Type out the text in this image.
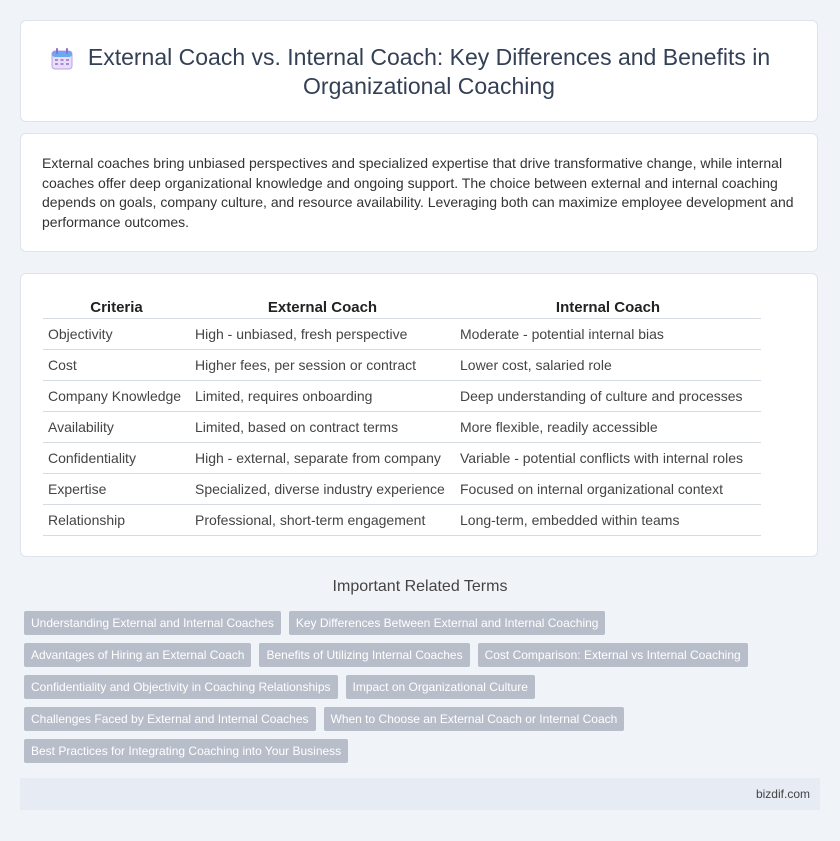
External Coach vs. Internal Coach: Key Differences and Benefits in Organizational Coaching

External coaches bring unbiased perspectives and specialized expertise that drive transformative change, while internal coaches offer deep organizational knowledge and ongoing support. The choice between external and internal coaching depends on goals, company culture, and resource availability. Leveraging both can maximize employee development and performance outcomes.

Criteria	External Coach	Internal Coach
Objectivity	High - unbiased, fresh perspective	Moderate - potential internal bias
Cost	Higher fees, per session or contract	Lower cost, salaried role
Company Knowledge	Limited, requires onboarding	Deep understanding of culture and processes
Availability	Limited, based on contract terms	More flexible, readily accessible
Confidentiality	High - external, separate from company	Variable - potential conflicts with internal roles
Expertise	Specialized, diverse industry experience	Focused on internal organizational context
Relationship	Professional, short-term engagement	Long-term, embedded within teams
Important Related Terms
Understanding External and Internal Coaches	Key Differences Between External and Internal Coaching
Advantages of Hiring an External Coach	Benefits of Utilizing Internal Coaches	Cost Comparison: External vs Internal Coaching
Confidentiality and Objectivity in Coaching Relationships	Impact on Organizational Culture
Challenges Faced by External and Internal Coaches	When to Choose an External Coach or Internal Coach
Best Practices for Integrating Coaching into Your Business
bizdif.com
